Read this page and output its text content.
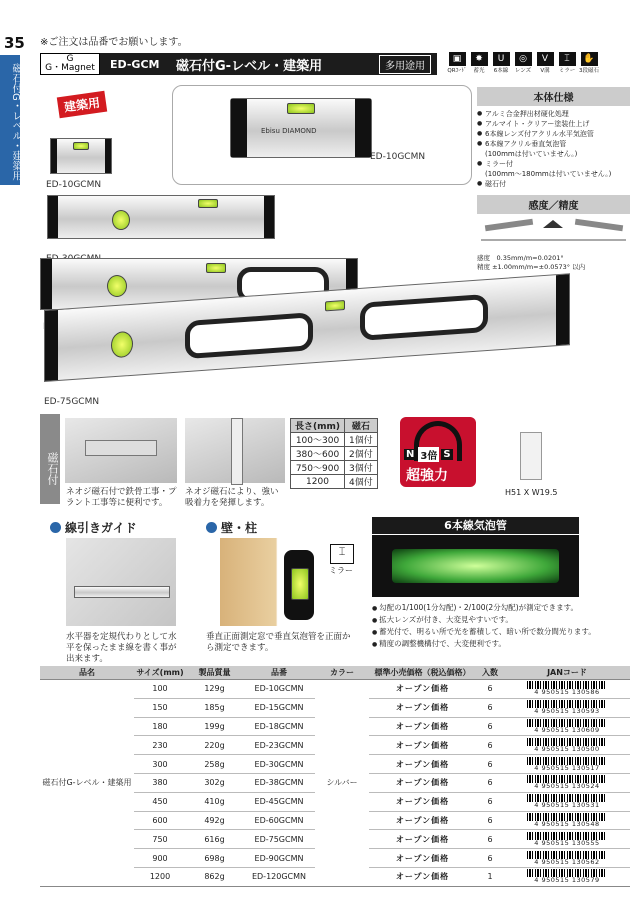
35 ※ご注文は品番でお願いします。
磁石付G・レベル・建築用
G
G・Magnet ED-GCM	磁石付G-レベル・建築用	多用途用
▣
QRｺｰﾄﾞ
✸
蓄光
U
6本線
◎
レンズ
V
V溝
⌶
ミラー
✋
3段磁石
建築用
Ebisu DIAMOND
ED-10GCMN
ED-10GCMN
ED-75GCMN
本体仕様
● アルミ合金押出材硬化処理
● アルマイト・クリアー塗装仕上げ
● 6本線レンズ付アクリル水平気泡管
● 6本線アクリル垂直気泡管
(100mmは付いていません。)
● ミラー付
(100mm〜180mmは付いていません。)
● 磁石付
感度／精度
感度　0.35mm/m=0.0201°
精度 ±1.00mm/m=±0.0573° 以内
磁石付
ネオジ磁石付で鉄骨工事・プラント工事等に便利です。
ネオジ磁石により、強い吸着力を発揮します。
長さ(mm)	磁石
100〜300	1個付
380〜600	2個付
750〜900	3個付
1200	4個付
N 3倍 S
超強力
H51 X W19.5
線引きガイド
水平器を定規代わりとして水平を保ったまま線を書く事が出来ます。
壁・柱
⌶
ミラー
垂直正面測定窓で垂直気泡管を正面から測定できます。
6本線気泡管
● 勾配の1/100(1分勾配)・2/100(2分勾配)が測定できます。
● 拡大レンズが付き、大変見やすいです。
● 蓄光付で、明るい所で光を蓄積して、暗い所で数分間光ります。
● 精度の調整機構付で、大変便利です。
品名	サイズ(mm)	製品質量	品番	カラー	標準小売価格（税込価格）	入数	JANコード
磁石付G-レベル・建築用	100	129g	ED-10GCMN	シルバー	オープン価格	6	4 950515 130586

	150	185g	ED-15GCMN		オープン価格	6	4 950515 130593

	180	199g	ED-18GCMN		オープン価格	6	4 950515 130609

	230	220g	ED-23GCMN		オープン価格	6	4 950515 130500

	300	258g	ED-30GCMN		オープン価格	6	4 950515 130517

	380	302g	ED-38GCMN		オープン価格	6	4 950515 130524

	450	410g	ED-45GCMN		オープン価格	6	4 950515 130531

	600	492g	ED-60GCMN		オープン価格	6	4 950515 130548

	750	616g	ED-75GCMN		オープン価格	6	4 950515 130555

	900	698g	ED-90GCMN		オープン価格	6	4 950515 130562

	1200	862g	ED-120GCMN		オープン価格	1	4 950515 130579
